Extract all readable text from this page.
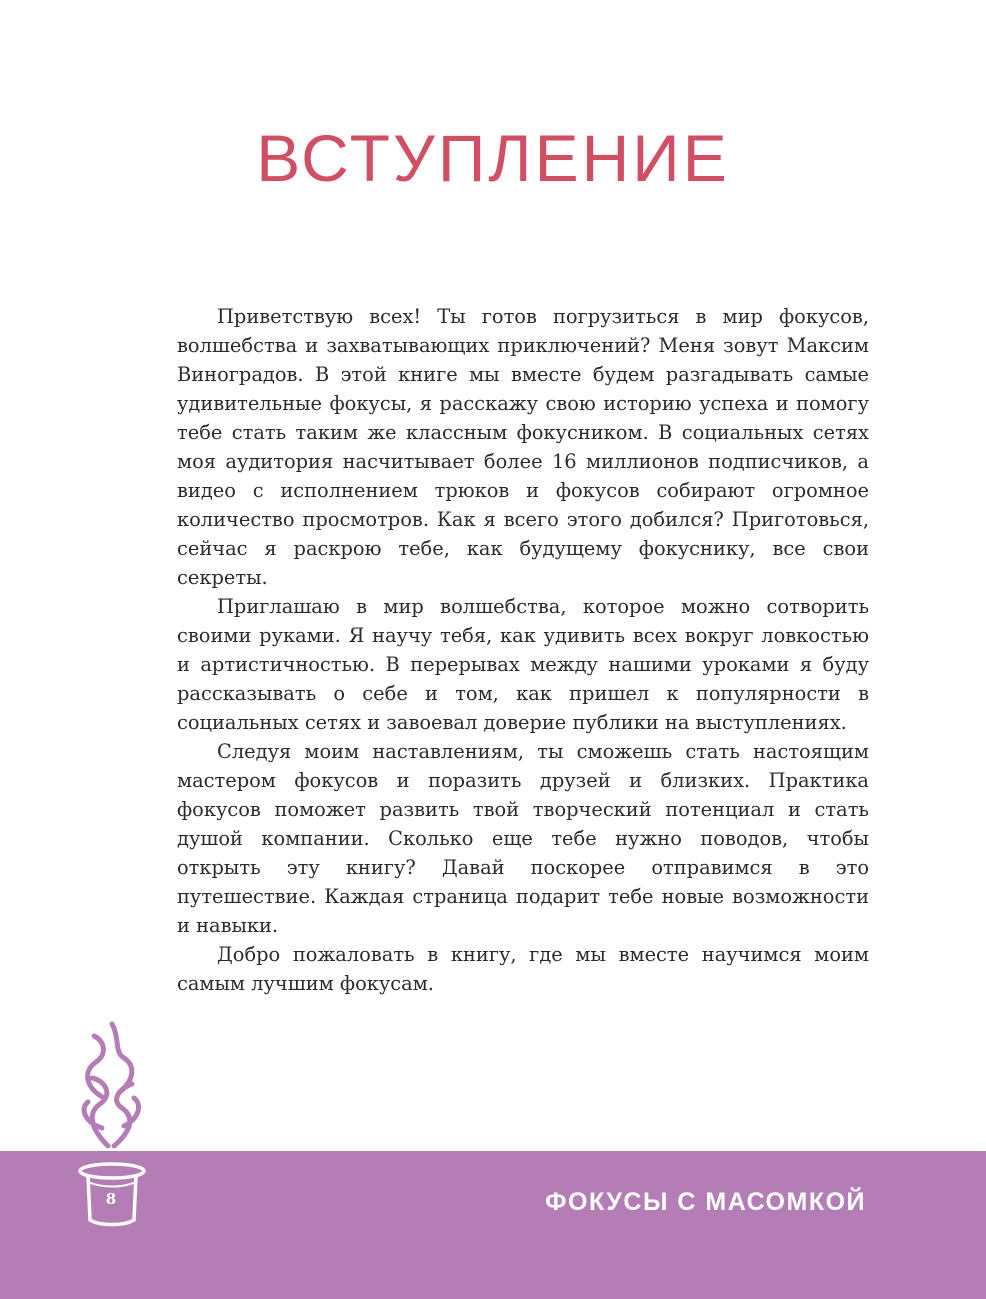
ВСТУПЛЕНИЕ

Приветствую всех! Ты готов погрузиться в мир фокусов, волшебства и захватывающих приключений? Меня зовут Максим Виноградов. В этой книге мы вместе будем разгадывать самые удивительные фокусы, я расскажу свою историю успеха и помогу тебе стать таким же классным фокусником. В социальных сетях моя аудитория насчитывает более 16 миллионов подписчиков, а видео с исполнением трюков и фокусов собирают огромное количество просмотров. Как я всего этого добился? Приготовься, сейчас я раскрою тебе, как будущему фокуснику, все свои секреты.

Приглашаю в мир волшебства, которое можно сотворить своими руками. Я научу тебя, как удивить всех вокруг ловкостью и артистичностью. В перерывах между нашими уроками я буду рассказывать о себе и том, как пришел к популярности в социальных сетях и завоевал доверие публики на выступлениях.

Следуя моим наставлениям, ты сможешь стать настоящим мастером фокусов и поразить друзей и близких. Практика фокусов поможет развить твой творческий потенциал и стать душой компании. Сколько еще тебе нужно поводов, чтобы открыть эту книгу? Давай поскорее отправимся в это путешествие. Каждая страница подарит тебе новые возможности и навыки.

Добро пожаловать в книгу, где мы вместе научимся моим самым лучшим фокусам.

8	ФОКУСЫ С МАСОМКОЙ
